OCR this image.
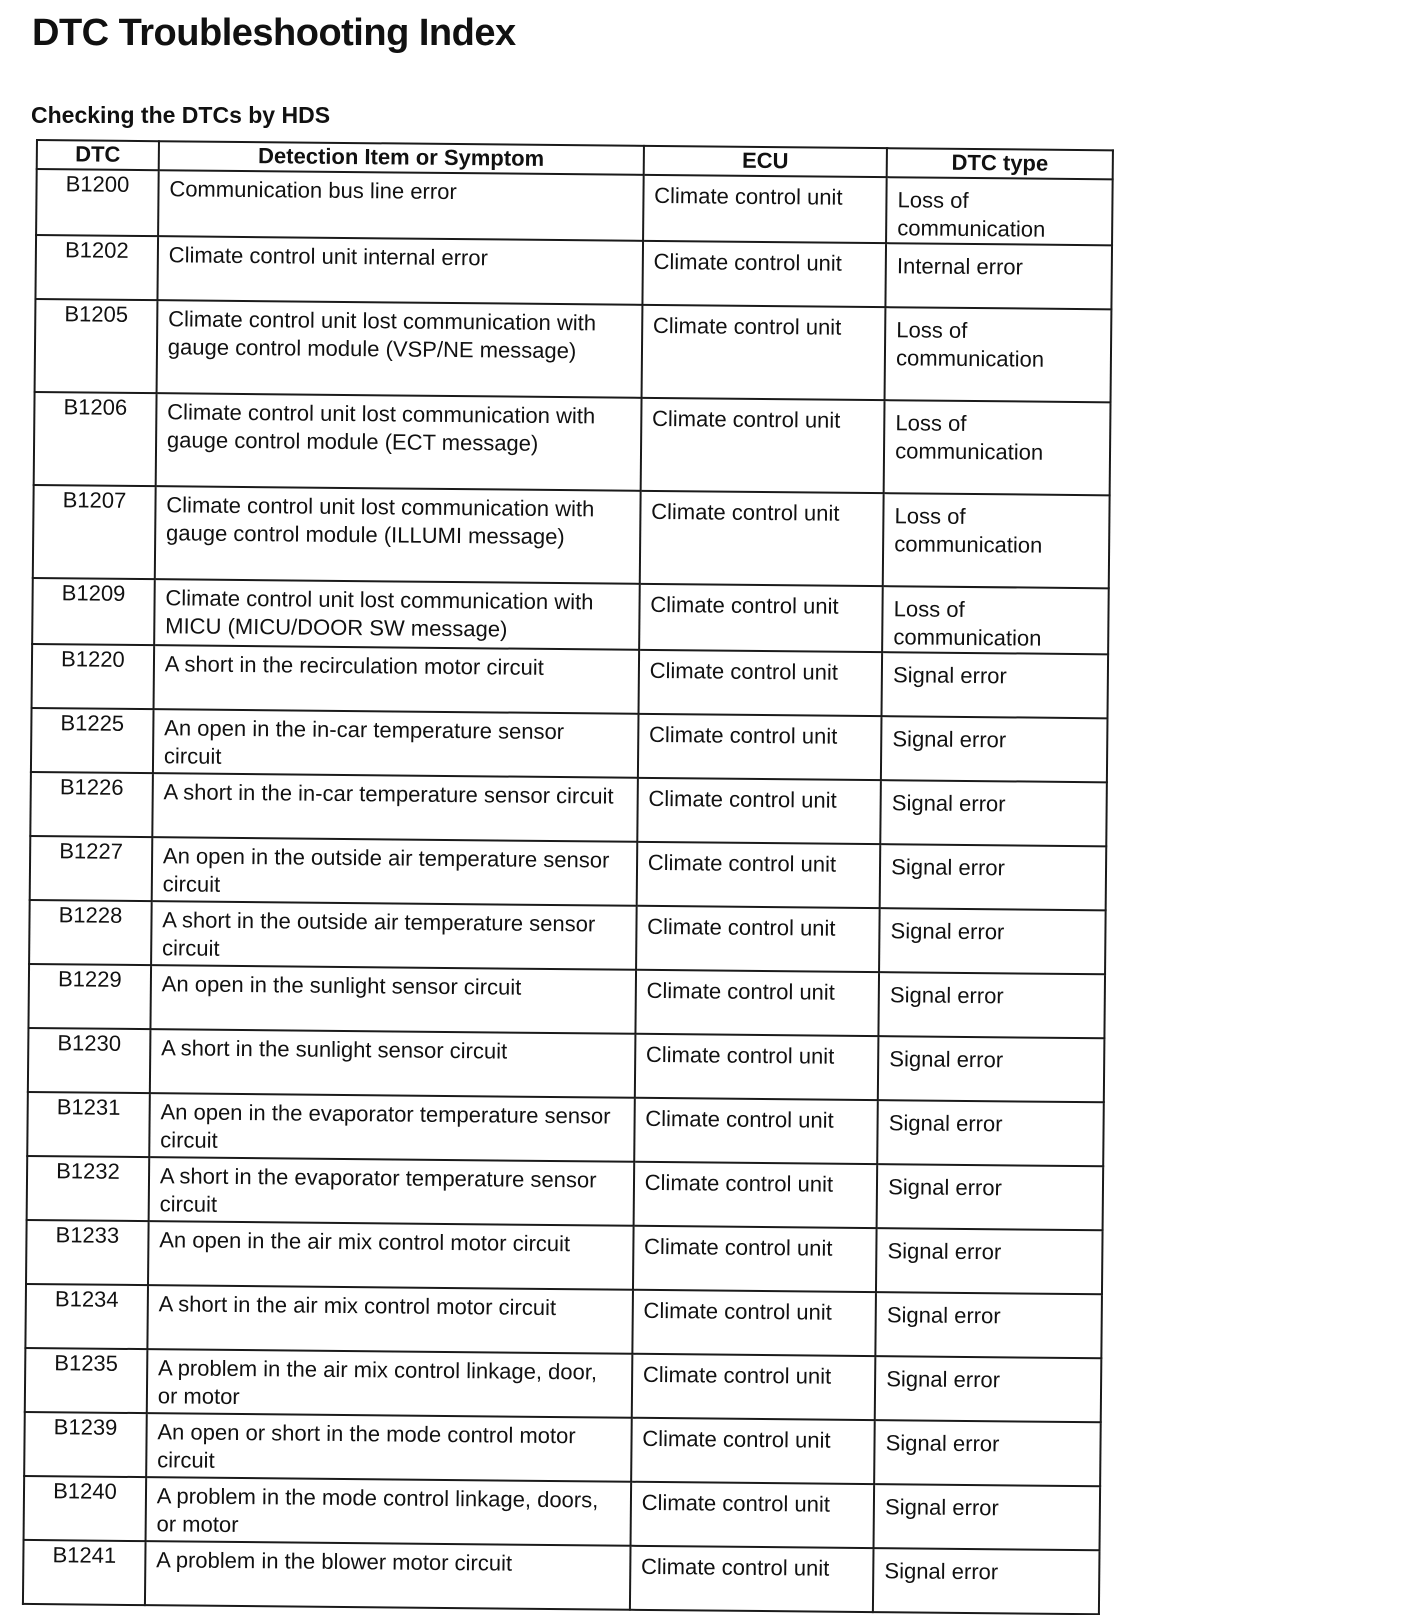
DTC Troubleshooting Index
Checking the DTCs by HDS
DTC	Detection Item or Symptom	ECU	DTC type
B1200	Communication bus line error	Climate control unit	Loss of communication
B1202	Climate control unit internal error	Climate control unit	Internal error
B1205	Climate control unit lost communication with gauge control module (VSP/NE message)	Climate control unit	Loss of communication
B1206	Climate control unit lost communication with gauge control module (ECT message)	Climate control unit	Loss of communication
B1207	Climate control unit lost communication with gauge control module (ILLUMI message)	Climate control unit	Loss of communication
B1209	Climate control unit lost communication with MICU (MICU/DOOR SW message)	Climate control unit	Loss of communication
B1220	A short in the recirculation motor circuit	Climate control unit	Signal error
B1225	An open in the in-car temperature sensor circuit	Climate control unit	Signal error
B1226	A short in the in-car temperature sensor circuit	Climate control unit	Signal error
B1227	An open in the outside air temperature sensor circuit	Climate control unit	Signal error
B1228	A short in the outside air temperature sensor circuit	Climate control unit	Signal error
B1229	An open in the sunlight sensor circuit	Climate control unit	Signal error
B1230	A short in the sunlight sensor circuit	Climate control unit	Signal error
B1231	An open in the evaporator temperature sensor circuit	Climate control unit	Signal error
B1232	A short in the evaporator temperature sensor circuit	Climate control unit	Signal error
B1233	An open in the air mix control motor circuit	Climate control unit	Signal error
B1234	A short in the air mix control motor circuit	Climate control unit	Signal error
B1235	A problem in the air mix control linkage, door, or motor	Climate control unit	Signal error
B1239	An open or short in the mode control motor circuit	Climate control unit	Signal error
B1240	A problem in the mode control linkage, doors, or motor	Climate control unit	Signal error
B1241	A problem in the blower motor circuit	Climate control unit	Signal error
